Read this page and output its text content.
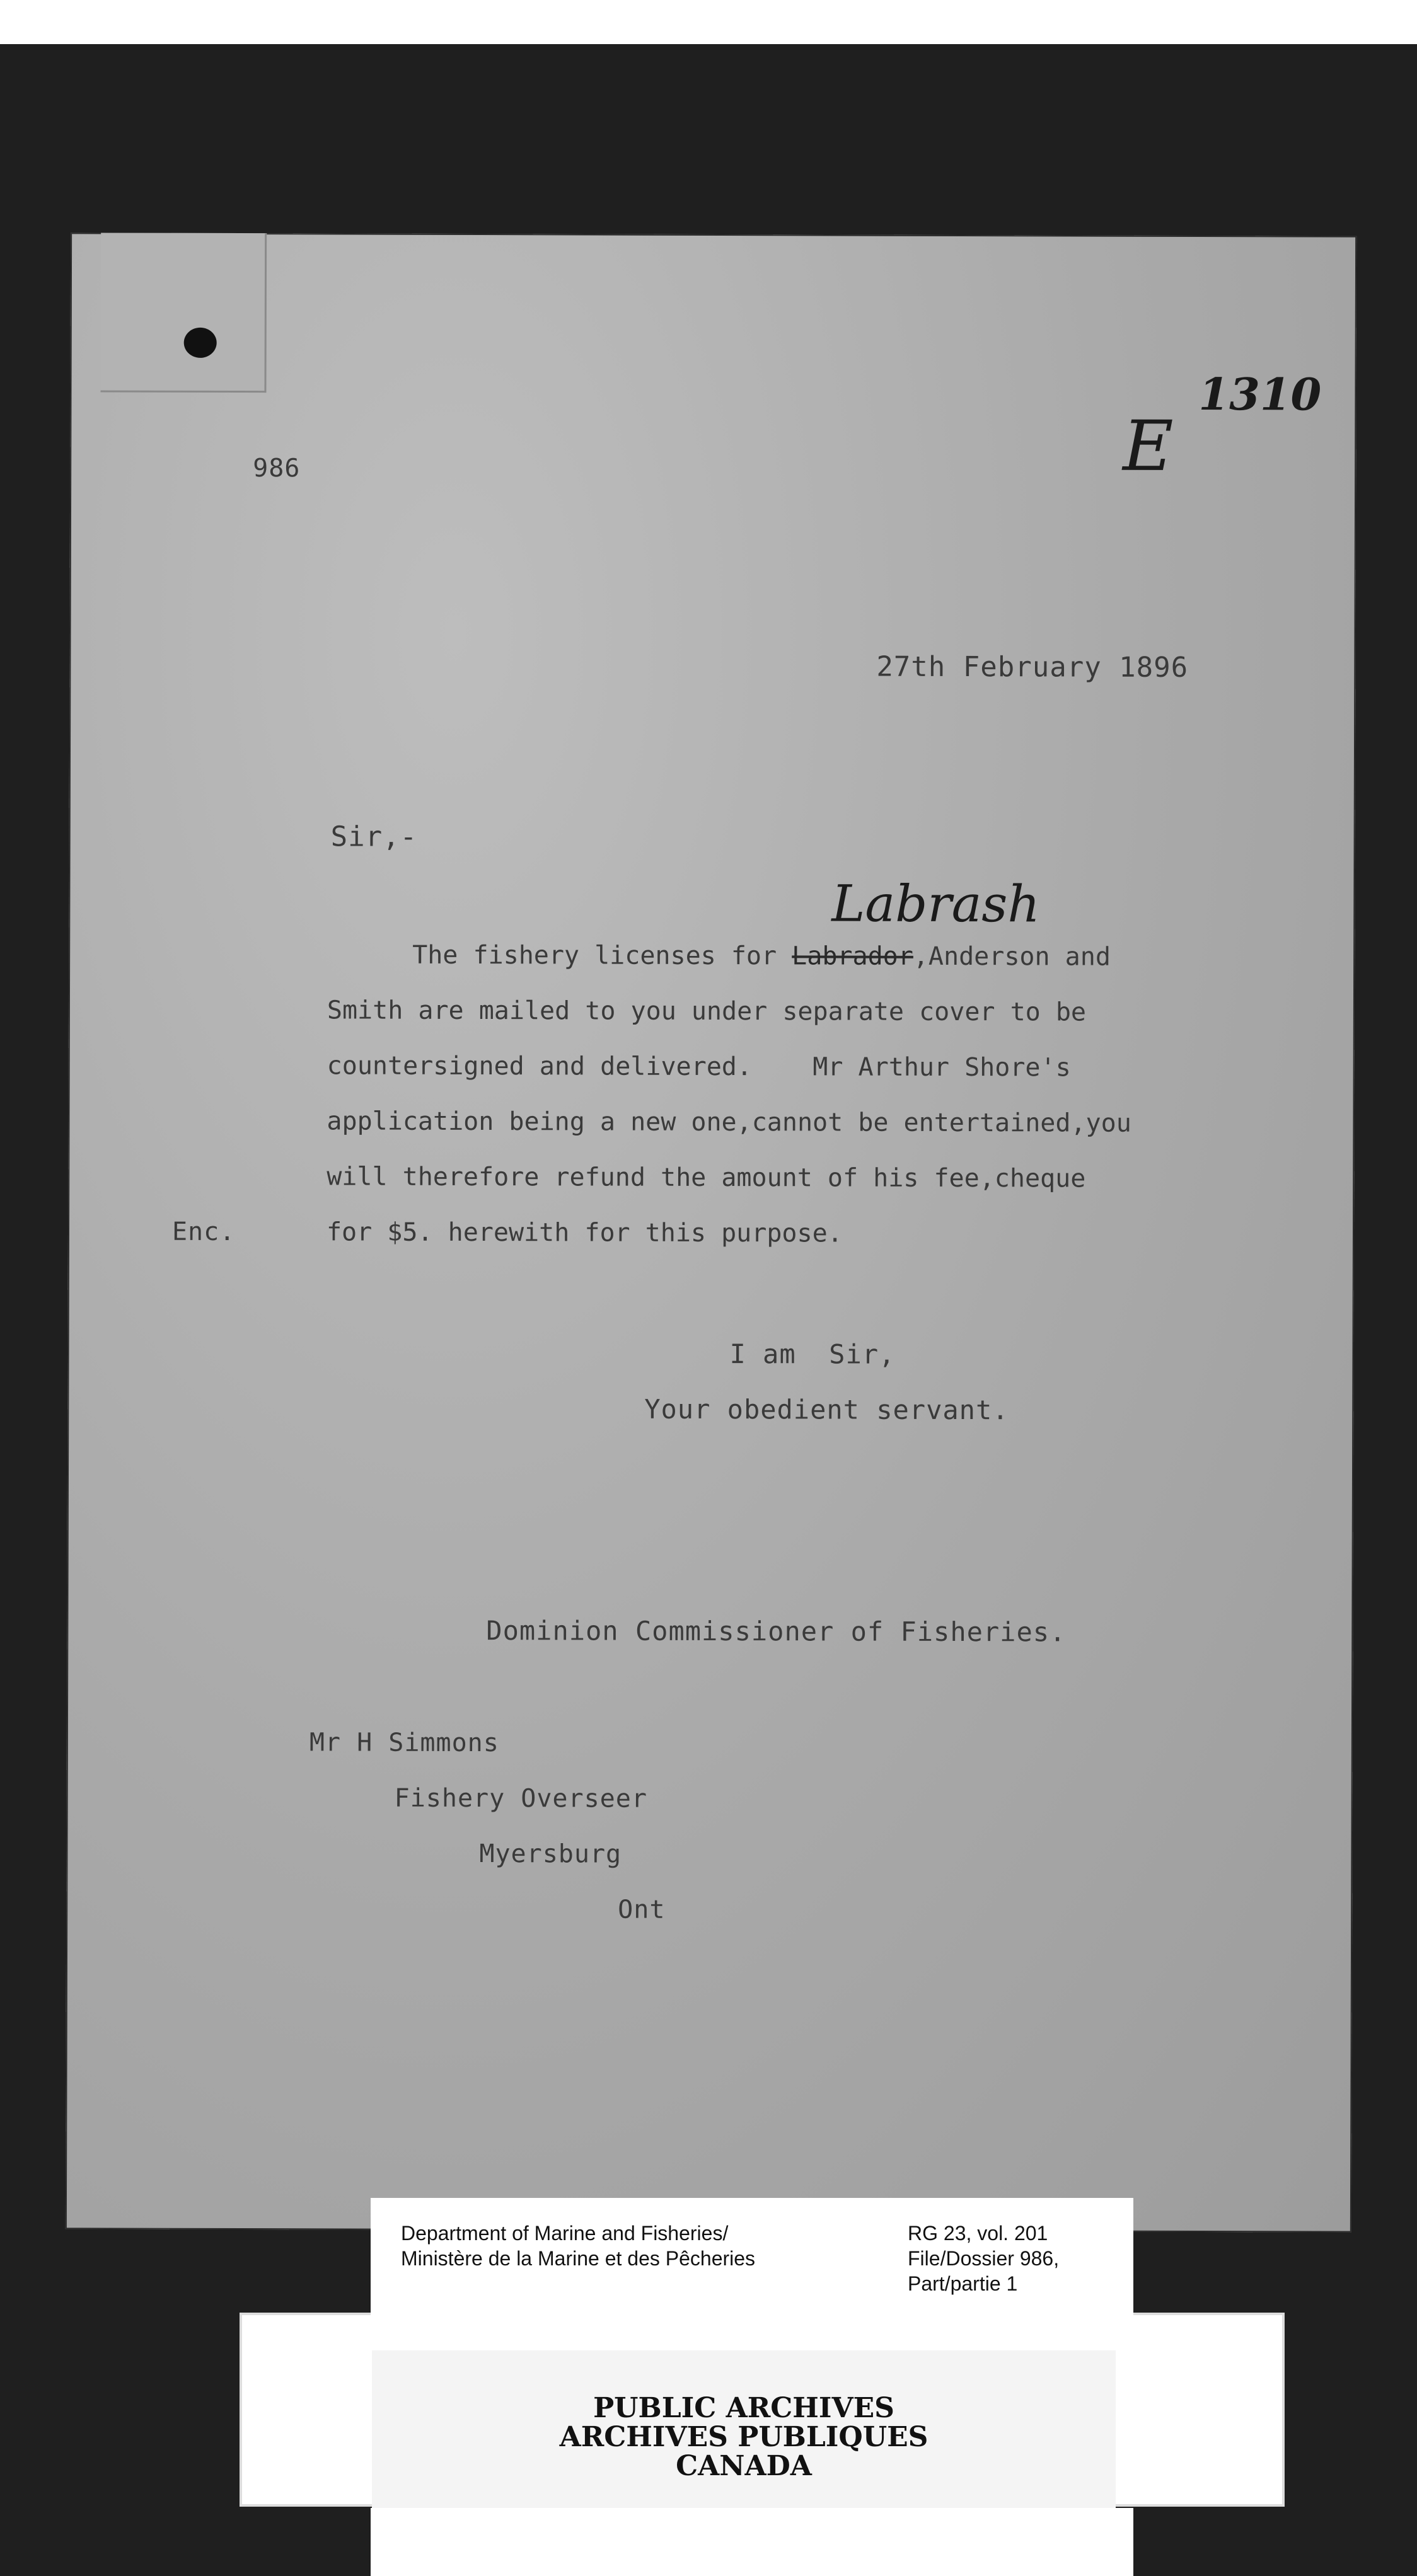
986
1310
E
27th February 1896
Sir,-
Labrash
The fishery licenses for Labrador,Anderson and
Smith are mailed to you under separate cover to be
countersigned and delivered.    Mr Arthur Shore's
application being a new one,cannot be entertained,you
will therefore refund the amount of his fee,cheque
for $5. herewith for this purpose.
Enc.
I am  Sir,
Your obedient servant.
Dominion Commissioner of Fisheries.
Mr H Simmons
Fishery Overseer
Myersburg
Ont
PUBLIC ARCHIVES
ARCHIVES PUBLIQUES
CANADA
Department of Marine and Fisheries/
Ministère de la Marine et des Pêcheries
RG 23, vol. 201
File/Dossier 986,
Part/partie 1
